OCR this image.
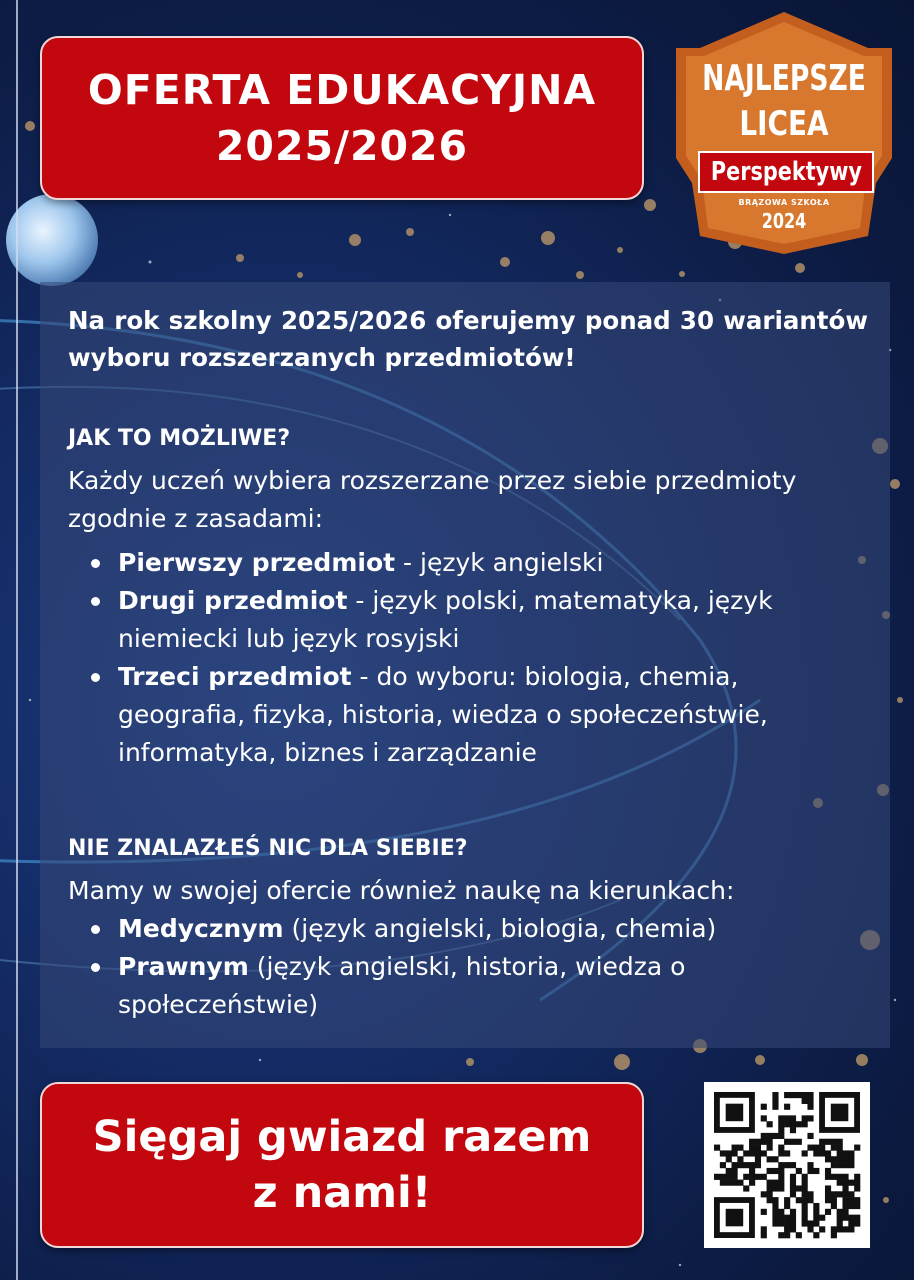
OFERTA EDUKACYJNA
2025/2026
NAJLEPSZE
LICEA
Perspektywy
BRĄZOWA SZKOŁA
2024
Na rok szkolny 2025/2026 oferujemy ponad 30 wariantów wyboru rozszerzanych przedmiotów!
JAK TO MOŻLIWE?
Każdy uczeń wybiera rozszerzane przez siebie przedmioty zgodnie z zasadami:
Pierwszy przedmiot - język angielski
Drugi przedmiot - język polski, matematyka, język niemiecki lub język rosyjski
Trzeci przedmiot - do wyboru: biologia, chemia, geografia, fizyka, historia, wiedza o społeczeństwie, informatyka, biznes i zarządzanie
NIE ZNALAZŁEŚ NIC DLA SIEBIE?
Mamy w swojej ofercie również naukę na kierunkach:
Medycznym (język angielski, biologia, chemia)
Prawnym (język angielski, historia, wiedza o społeczeństwie)
Sięgaj gwiazd razem
z nami!
